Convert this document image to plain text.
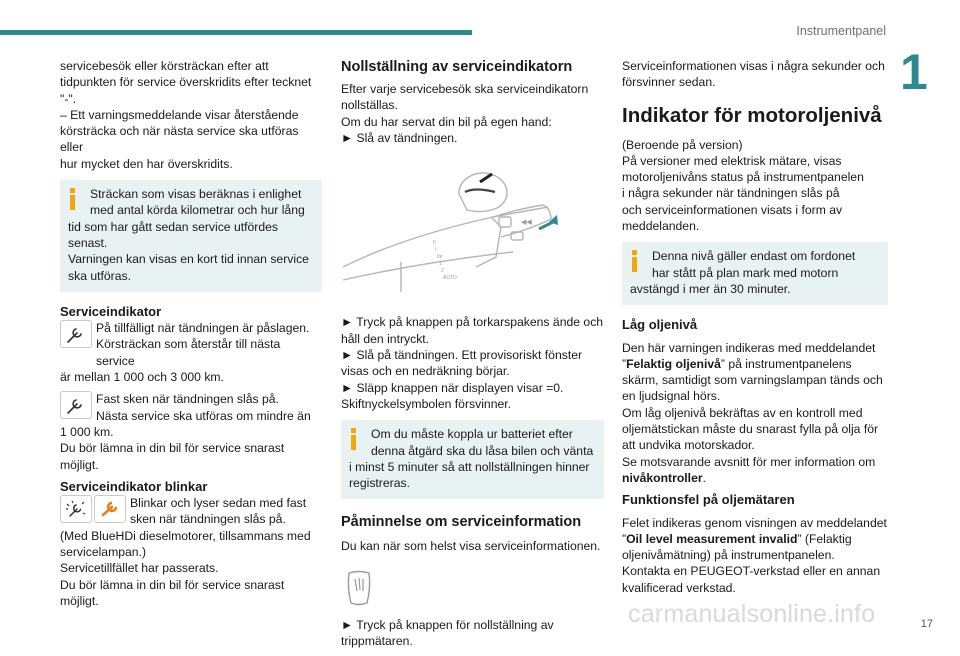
Instrumentpanel
1

servicebesök eller körsträckan efter att
tidpunkten för service överskridits efter tecknet
"-".
– Ett varningsmeddelande visar återstående
körsträcka och när nästa service ska utföras eller
hur mycket den har överskridits.

Sträckan som visas beräknas i enlighet
med antal körda kilometrar och hur lång
tid som har gått sedan service utfördes
senast.
Varningen kan visas en kort tid innan service
ska utföras.
Serviceindikator
På tillfälligt när tändningen är påslagen.
Körsträckan som återstår till nästa service

är mellan 1 000 och 3 000 km.

Fast sken när tändningen slås på.
Nästa service ska utföras om mindre än

1 000 km.
Du bör lämna in din bil för service snarast
möjligt.

Serviceindikator blinkar
Blinkar och lyser sedan med fast
sken när tändningen slås på.

(Med BlueHDi dieselmotorer, tillsammans med
servicelampan.)
Servicetillfället har passerats.
Du bör lämna in din bil för service snarast
möjligt.

Nollställning av serviceindikatorn

Efter varje servicebesök ska serviceindikatorn
nollställas.
Om du har servat din bil på egen hand:
► Slå av tändningen.

◀◀
0
I
Int
1
2
AUTO

► Tryck på knappen på torkarspakens ände och
håll den intryckt.
► Slå på tändningen. Ett provisoriskt fönster
visas och en nedräkning börjar.
► Släpp knappen när displayen visar =0.
Skiftnyckelsymbolen försvinner.

Om du måste koppla ur batteriet efter
denna åtgärd ska du låsa bilen och vänta
i minst 5 minuter så att nollställningen hinner
registreras.
Påminnelse om serviceinformation

Du kan när som helst visa serviceinformationen.

► Tryck på knappen för nollställning av
trippmätaren.

Serviceinformationen visas i några sekunder och
försvinner sedan.

Indikator för motoroljenivå

(Beroende på version)
På versioner med elektrisk mätare, visas
motoroljenivåns status på instrumentpanelen
i några sekunder när tändningen slås på
och serviceinformationen visats i form av
meddelanden.

Denna nivå gäller endast om fordonet
har stått på plan mark med motorn
avstängd i mer än 30 minuter.
Låg oljenivå

Den här varningen indikeras med meddelandet
”Felaktig oljenivå” på instrumentpanelens
skärm, samtidigt som varningslampan tänds och
en ljudsignal hörs.
Om låg oljenivå bekräftas av en kontroll med
oljemätstickan måste du snarast fylla på olja för
att undvika motorskador.
Se motsvarande avsnitt för mer information om
nivåkontroller.

Funktionsfel på oljemätaren

Felet indikeras genom visningen av meddelandet
”Oil level measurement invalid” (Felaktig
oljenivåmätning) på instrumentpanelen.
Kontakta en PEUGEOT-verkstad eller en annan
kvalificerad verkstad.

carmanualsonline.info	17
